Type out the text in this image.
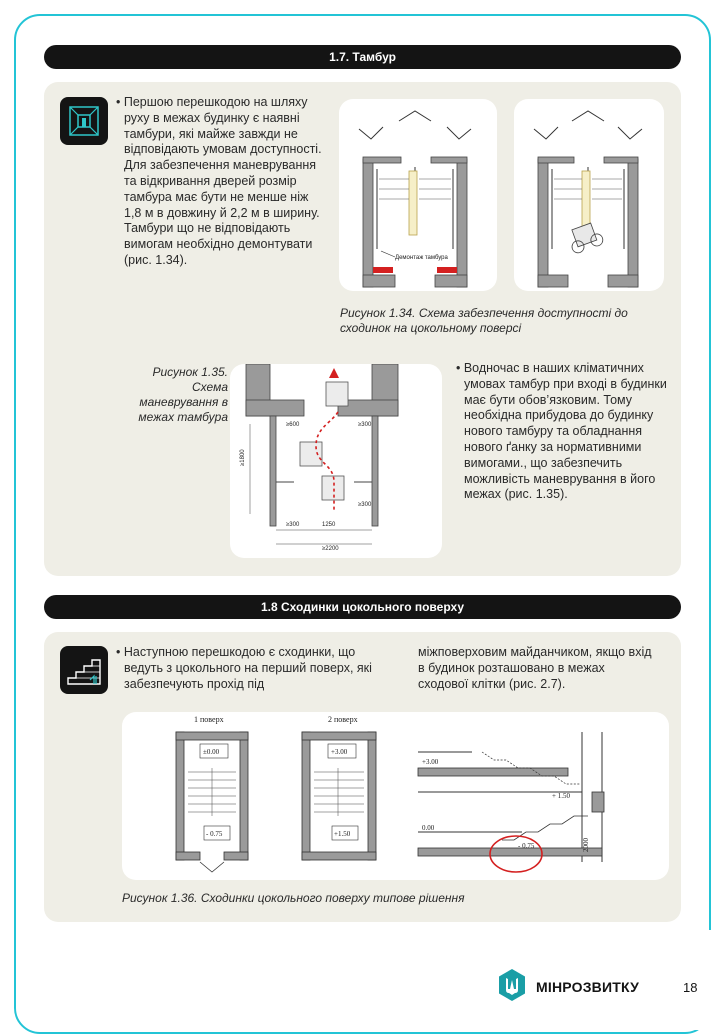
1.7. Тамбур
• Першою перешкодою на шляху руху в межах будинку є наявні тамбури, які майже завжди не відповідають умовам доступності. Для забезпечення маневрування та відкривання дверей розмір тамбура має бути не менше ніж 1,8 м в довжину й 2,2 м в ширину. Тамбури що не відповідають вимогам необхідно демонтувати (рис. 1.34).	Демонтаж тамбура
Рисунок 1.34. Схема забезпечення доступності до сходинок на цокольному поверсі
Рисунок 1.35. Схема маневрування в межах тамбура
≥600	≥300
≥1800
≥300
1250
≥300
≥2200
• Водночас в наших кліматичних умовах тамбур при вході в будинки має бути обов’язковим. Тому необхідна прибудова до будинку нового тамбуру та обладнання нового ґанку за нормативними вимогами., що забезпечить можливість маневрування в його межах (рис. 1.35).
1.8 Сходинки цокольного поверху
• Наступною перешкодою є сходинки, що ведуть з цокольного на перший поверх, які забезпечують прохід під
міжповерховим майданчиком, якщо вхід в будинок розташовано в межах сходової клітки (рис. 2.7).
1 поверх
±0.00
- 0.75
2 поверх
+3.00
+1.50
+3.00
+ 1.50
0.00
- 0.75	2000
Рисунок 1.36. Сходинки цокольного поверху типове рішення
МІНРОЗВИТКУ	18
